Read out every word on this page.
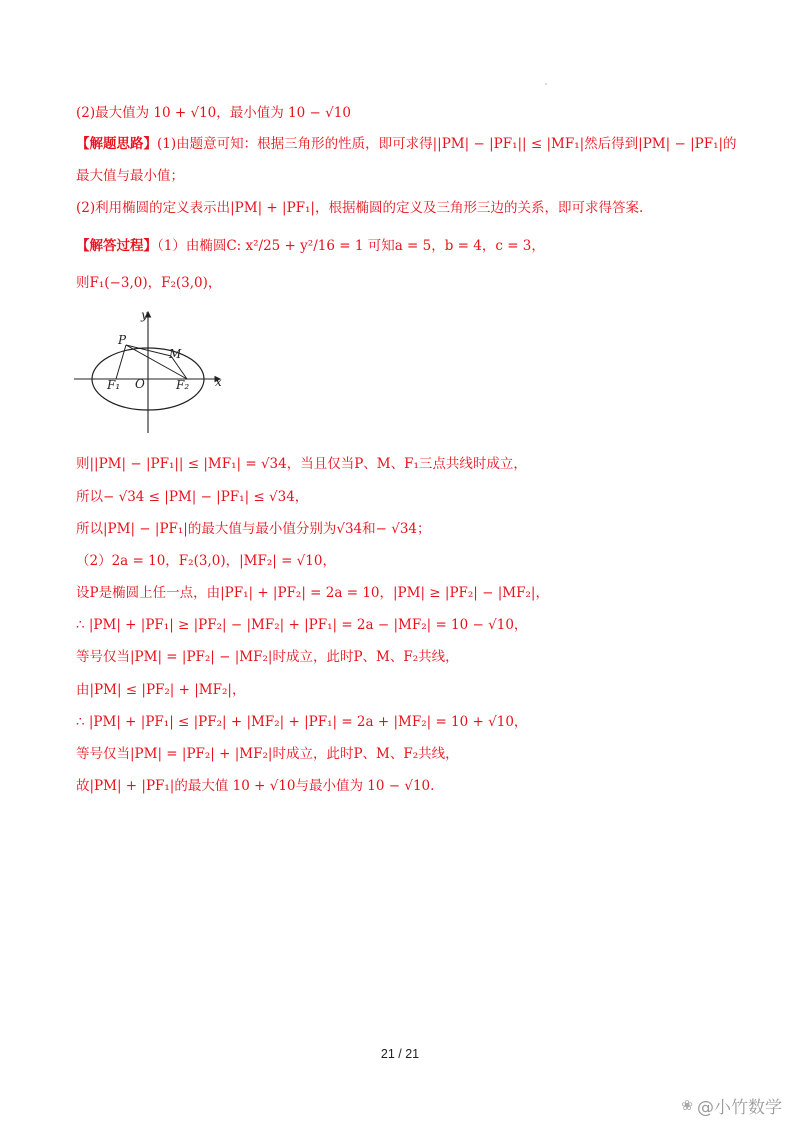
(2)最大值为 10 + √10，最小值为 10 − √10
【解题思路】(1)由题意可知：根据三角形的性质，即可求得||PM| − |PF₁|| ≤ |MF₁|然后得到|PM| − |PF₁|的
最大值与最小值；
(2)利用椭圆的定义表示出|PM| + |PF₁|，根据椭圆的定义及三角形三边的关系，即可求得答案.
【解答过程】（1）由椭圆C: x²/25 + y²/16 = 1 可知a = 5，b = 4，c = 3，
则F₁(−3,0)，F₂(3,0)，
y
x
P
M
O
F₁	F₂
则||PM| − |PF₁|| ≤ |MF₁| = √34，当且仅当P、M、F₁三点共线时成立，
所以− √34 ≤ |PM| − |PF₁| ≤ √34，
所以|PM| − |PF₁|的最大值与最小值分别为√34和− √34；
（2）2a = 10，F₂(3,0)，|MF₂| = √10，
设P是椭圆上任一点，由|PF₁| + |PF₂| = 2a = 10，|PM| ≥ |PF₂| − |MF₂|，
∴ |PM| + |PF₁| ≥ |PF₂| − |MF₂| + |PF₁| = 2a − |MF₂| = 10 − √10，
等号仅当|PM| = |PF₂| − |MF₂|时成立，此时P、M、F₂共线，
由|PM| ≤ |PF₂| + |MF₂|，
∴ |PM| + |PF₁| ≤ |PF₂| + |MF₂| + |PF₁| = 2a + |MF₂| = 10 + √10，
等号仅当|PM| = |PF₂| + |MF₂|时成立，此时P、M、F₂共线，
故|PM| + |PF₁|的最大值 10 + √10与最小值为 10 − √10.
21 / 21
❀ @小竹数学
